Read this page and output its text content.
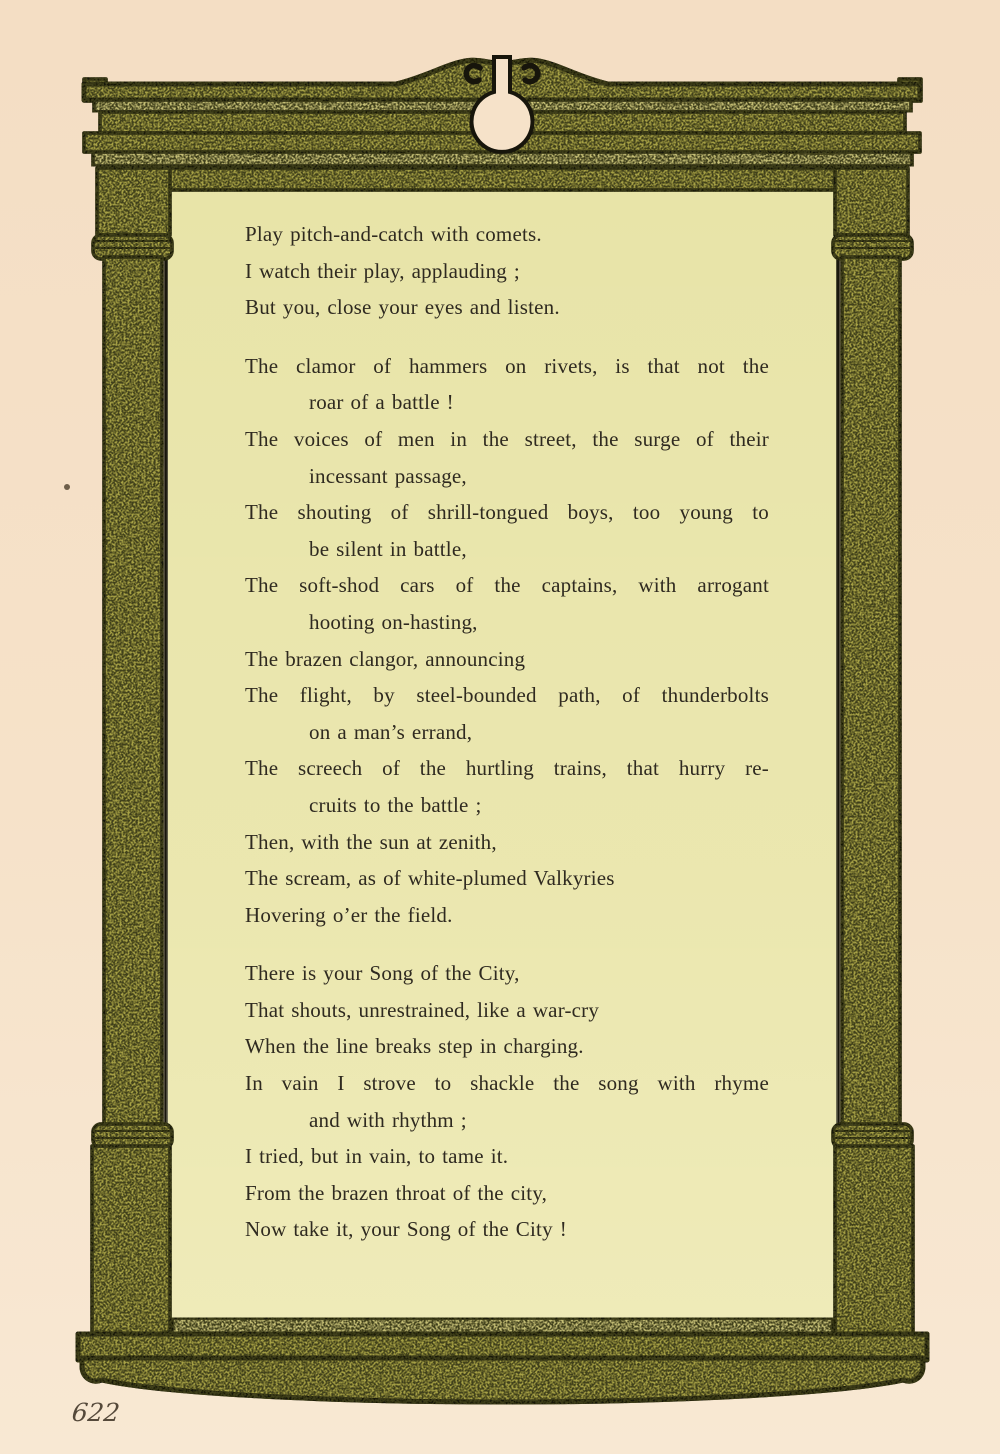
Play pitch-and-catch with comets.
I watch their play, applauding ;
But you, close your eyes and listen.
The clamor of hammers on rivets, is that not the
roar of a battle !
The voices of men in the street, the surge of their
incessant passage,
The shouting of shrill-tongued boys, too young to
be silent in battle,
The soft-shod cars of the captains, with arrogant
hooting on-hasting,
The brazen clangor, announcing
The flight, by steel-bounded path, of thunderbolts
on a man’s errand,
The screech of the hurtling trains, that hurry re-
cruits to the battle ;
Then, with the sun at zenith,
The scream, as of white-plumed Valkyries
Hovering o’er the field.
There is your Song of the City,
That shouts, unrestrained, like a war-cry
When the line breaks step in charging.
In vain I strove to shackle the song with rhyme
and with rhythm ;
I tried, but in vain, to tame it.
From the brazen throat of the city,
Now take it, your Song of the City !
622
